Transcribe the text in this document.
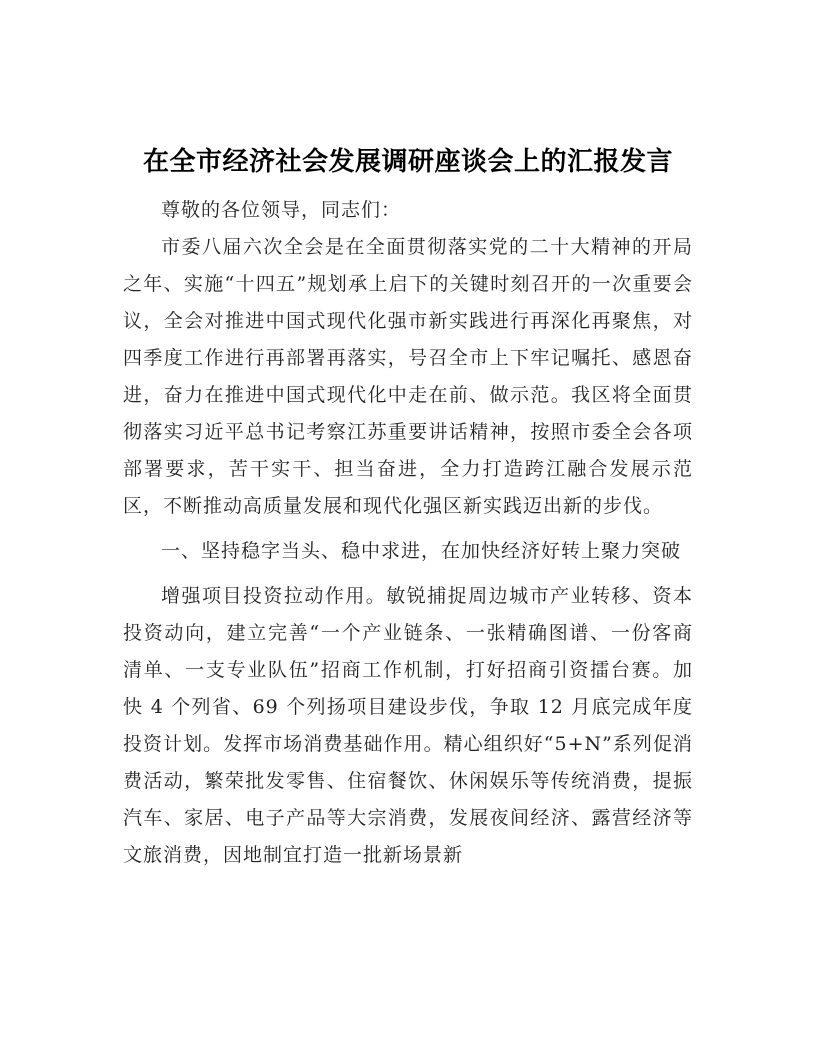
在全市经济社会发展调研座谈会上的汇报发言

尊敬的各位领导，同志们：

市委八届六次全会是在全面贯彻落实党的二十大精神的开局之年、实施“十四五”规划承上启下的关键时刻召开的一次重要会议，全会对推进中国式现代化强市新实践进行再深化再聚焦，对四季度工作进行再部署再落实，号召全市上下牢记嘱托、感恩奋进，奋力在推进中国式现代化中走在前、做示范。我区将全面贯彻落实习近平总书记考察江苏重要讲话精神，按照市委全会各项部署要求，苦干实干、担当奋进，全力打造跨江融合发展示范区，不断推动高质量发展和现代化强区新实践迈出新的步伐。

一、坚持稳字当头、稳中求进，在加快经济好转上聚力突破

增强项目投资拉动作用。敏锐捕捉周边城市产业转移、资本投资动向，建立完善“一个产业链条、一张精确图谱、一份客商清单、一支专业队伍”招商工作机制，打好招商引资擂台赛。加快 4 个列省、69 个列扬项目建设步伐，争取 12 月底完成年度投资计划。发挥市场消费基础作用。精心组织好“5+N”系列促消费活动，繁荣批发零售、住宿餐饮、休闲娱乐等传统消费，提振汽车、家居、电子产品等大宗消费，发展夜间经济、露营经济等文旅消费，因地制宜打造一批新场景新
